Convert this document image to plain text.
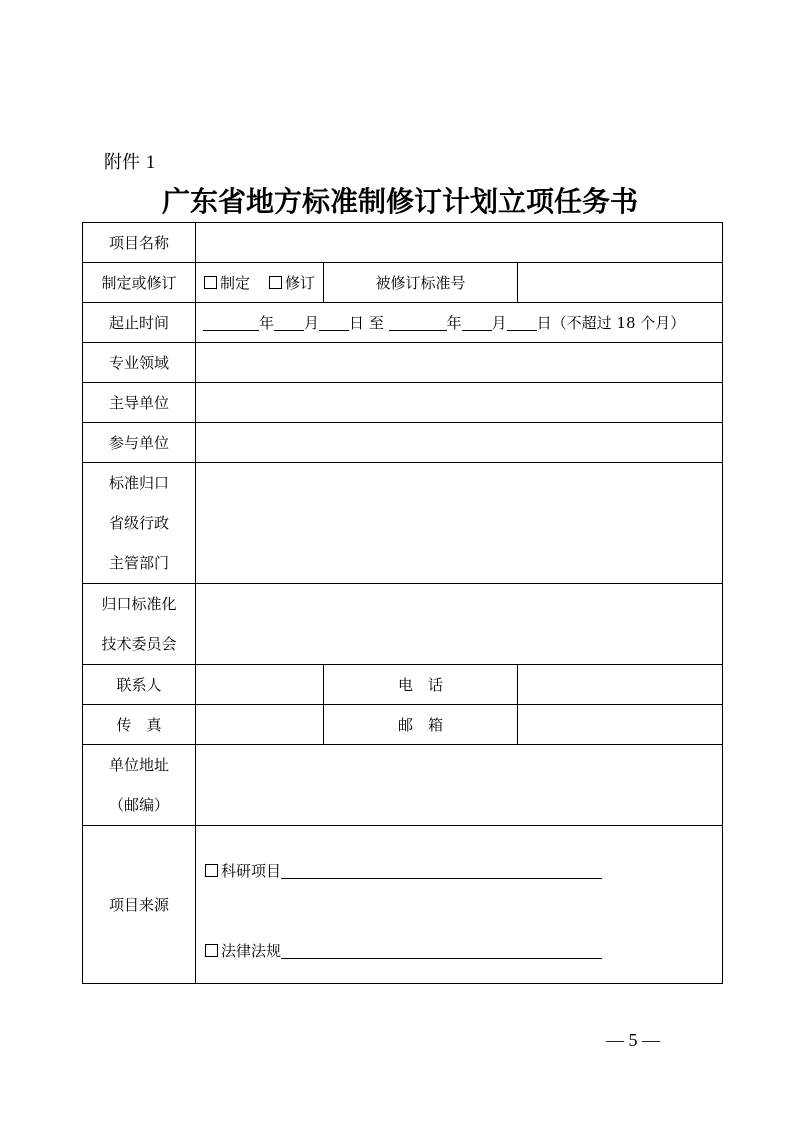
附件 1
广东省地方标准制修订计划立项任务书
项目名称			
制定或修订	制定 修订	被修订标准号	
起止时间	年 月 日 至 年 月 日（不超过 18 个月）		
专业领域			
主导单位			
参与单位			

标准归口
省级行政
主管部门			

归口标准化
技术委员会			

联系人		电　话	
传　真		邮　箱	

单位地址
（邮编）			

项目来源	科研项目
法律法规		
— 5 —
